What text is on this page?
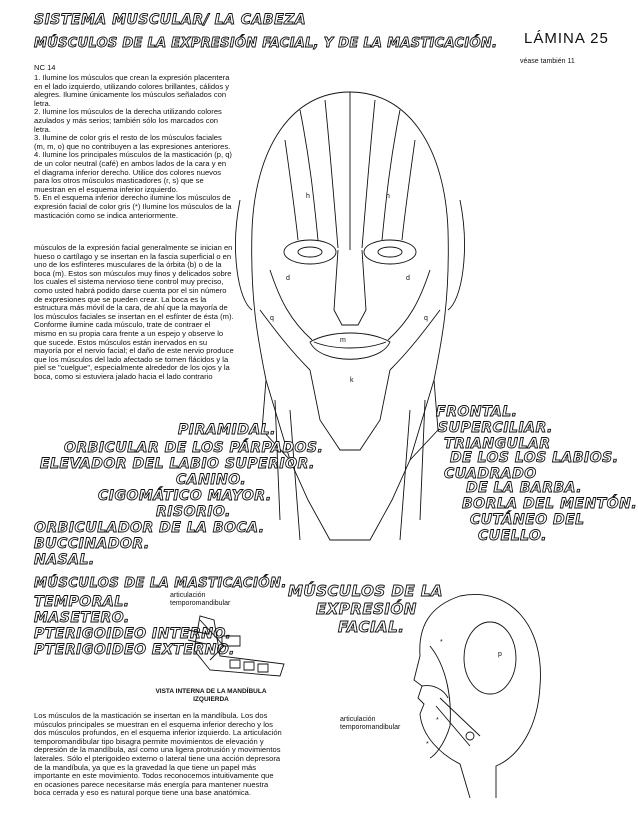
SISTEMA MUSCULAR/ LA CABEZA
MÚSCULOS DE LA EXPRESIÓN FACIAL, Y DE LA MASTICACIÓN. LÁMINA 25
véase también 11
NC 14

1. Ilumine los músculos que crean la expresión placentera en el lado izquierdo, utilizando colores brillantes, cálidos y alegres. Ilumine únicamente los músculos señalados con letra.

2. Ilumine los músculos de la derecha utilizando colores azulados y más serios; también sólo los marcados con letra.

3. Ilumine de color gris el resto de los músculos faciales (m, m, o) que no contribuyen a las expresiones anteriores.

4. Ilumine los principales músculos de la masticación (p, q) de un color neutral (café) en ambos lados de la cara y en el diagrama inferior derecho. Utilice dos colores nuevos para los otros músculos masticadores (r, s) que se muestran en el esquema inferior izquierdo.

5. En el esquema inferior derecho ilumine los músculos de expresión facial de color gris (*) Ilumine los músculos de la masticación como se indica anteriormente.

músculos de la expresión facial generalmente se inician en hueso o cartílago y se insertan en la fascia superficial o en uno de los esfínteres musculares de la órbita (b) o de la boca (m). Estos son músculos muy finos y delicados sobre los cuales el sistema nervioso tiene control muy preciso, como usted habrá podido darse cuenta por el sin número de expresiones que se pueden crear. La boca es la estructura más móvil de la cara, de ahí que la mayoría de los músculos faciales se insertan en el esfínter de ésta (m). Conforme ilumine cada músculo, trate de contraer el mismo en su propia cara frente a un espejo y observe lo que sucede. Estos músculos están inervados en su mayoría por el nervio facial; el daño de este nervio produce que los músculos del lado afectado se tornen flácidos y la piel se "cuelgue", especialmente alrededor de los ojos y la boca, como si estuviera jalado hacia el lado contrario
h	h
d	d
q	q
m
k
PIRAMIDAL.
ORBICULAR DE LOS PÁRPADOS.
ELEVADOR DEL LABIO SUPERIOR.
CANINO.
CIGOMÁTICO MAYOR.
RISORIO.
ORBICULADOR DE LA BOCA.
BUCCINADOR.
NASAL.
FRONTAL.
SUPERCILIAR.
TRIANGULAR
DE LOS LOS LABIOS.
CUADRADO
DE LA BARBA.
BORLA DEL MENTÓN.
CUTÁNEO DEL
CUELLO.
MÚSCULOS DE LA MASTICACIÓN.
TEMPORAL.
MASETERO.
PTERIGOIDEO INTERNO.
PTERIGOIDEO EXTERNO.
articulación temporomandibular
VISTA INTERNA DE LA MANDÍBULA IZQUIERDA
Los músculos de la masticación se insertan en la mandíbula. Los dos músculos principales se muestran en el esquema inferior derecho y los dos músculos profundos, en el esquema inferior izquierdo. La articulación temporomandibular tipo bisagra permite movimientos de elevación y depresión de la mandíbula, así como una ligera protrusión y movimientos laterales. Sólo el pterigoideo externo o lateral tiene una acción depresora de la mandíbula, ya que es la gravedad la que tiene un papel más importante en este movimiento. Todos reconocemos intuitivamente que en ocasiones parece necesitarse más energía para mantener nuestra boca cerrada y eso es natural porque tiene una base anatómica.
MÚSCULOS DE LA
EXPRESIÓN
FACIAL.
p
*
*
*
articulación temporomandibular
